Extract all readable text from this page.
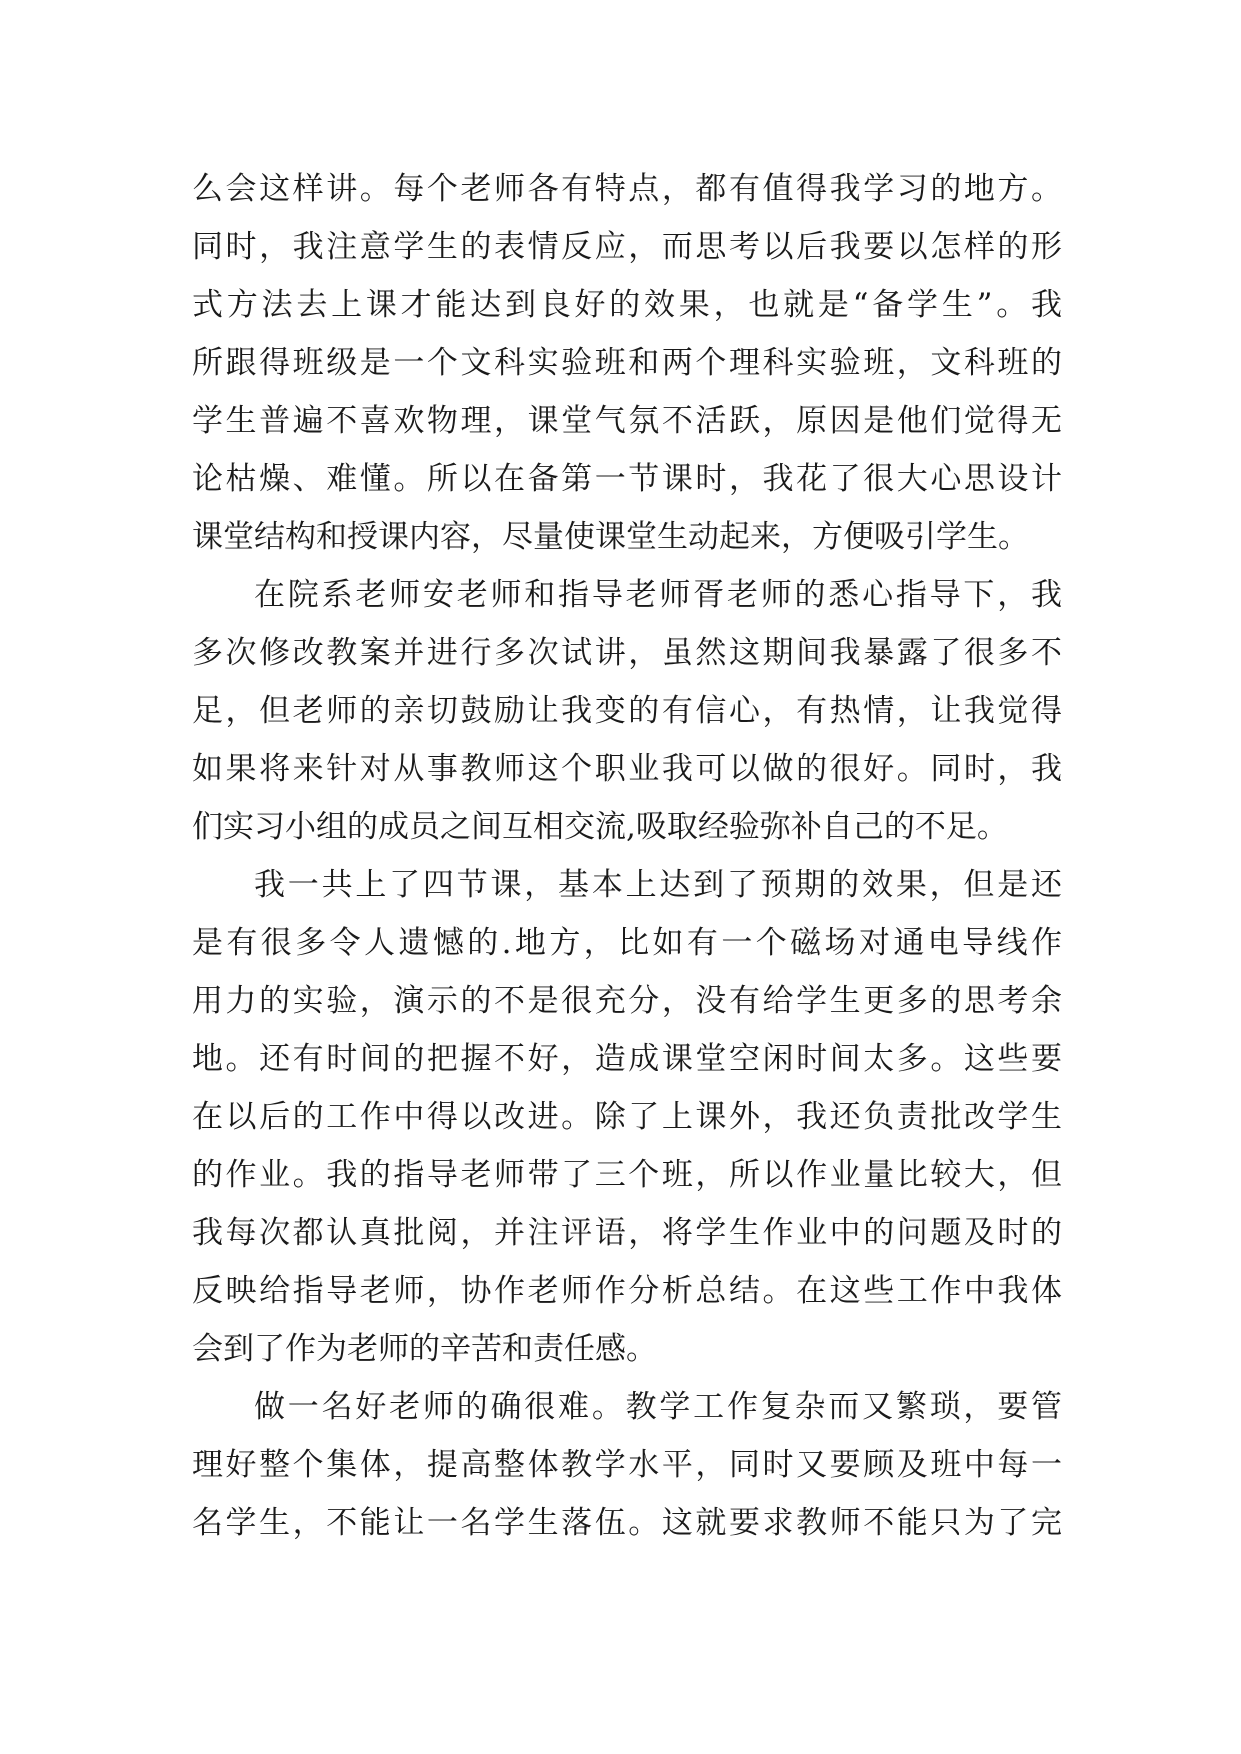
么会这样讲。每个老师各有特点，都有值得我学习的地方。
同时，我注意学生的表情反应，而思考以后我要以怎样的形
式方法去上课才能达到良好的效果，也就是“备学生”。我
所跟得班级是一个文科实验班和两个理科实验班，文科班的
学生普遍不喜欢物理，课堂气氛不活跃，原因是他们觉得无
论枯燥、难懂。所以在备第一节课时，我花了很大心思设计
课堂结构和授课内容，尽量使课堂生动起来，方便吸引学生。
在院系老师安老师和指导老师胥老师的悉心指导下，我
多次修改教案并进行多次试讲，虽然这期间我暴露了很多不
足，但老师的亲切鼓励让我变的有信心，有热情，让我觉得
如果将来针对从事教师这个职业我可以做的很好。同时，我
们实习小组的成员之间互相交流,吸取经验弥补自己的不足。
我一共上了四节课，基本上达到了预期的效果，但是还
是有很多令人遗憾的.地方，比如有一个磁场对通电导线作
用力的实验，演示的不是很充分，没有给学生更多的思考余
地。还有时间的把握不好，造成课堂空闲时间太多。这些要
在以后的工作中得以改进。除了上课外，我还负责批改学生
的作业。我的指导老师带了三个班，所以作业量比较大，但
我每次都认真批阅，并注评语，将学生作业中的问题及时的
反映给指导老师，协作老师作分析总结。在这些工作中我体
会到了作为老师的辛苦和责任感。
做一名好老师的确很难。教学工作复杂而又繁琐，要管
理好整个集体，提高整体教学水平，同时又要顾及班中每一
名学生，不能让一名学生落伍。这就要求教师不能只为了完
